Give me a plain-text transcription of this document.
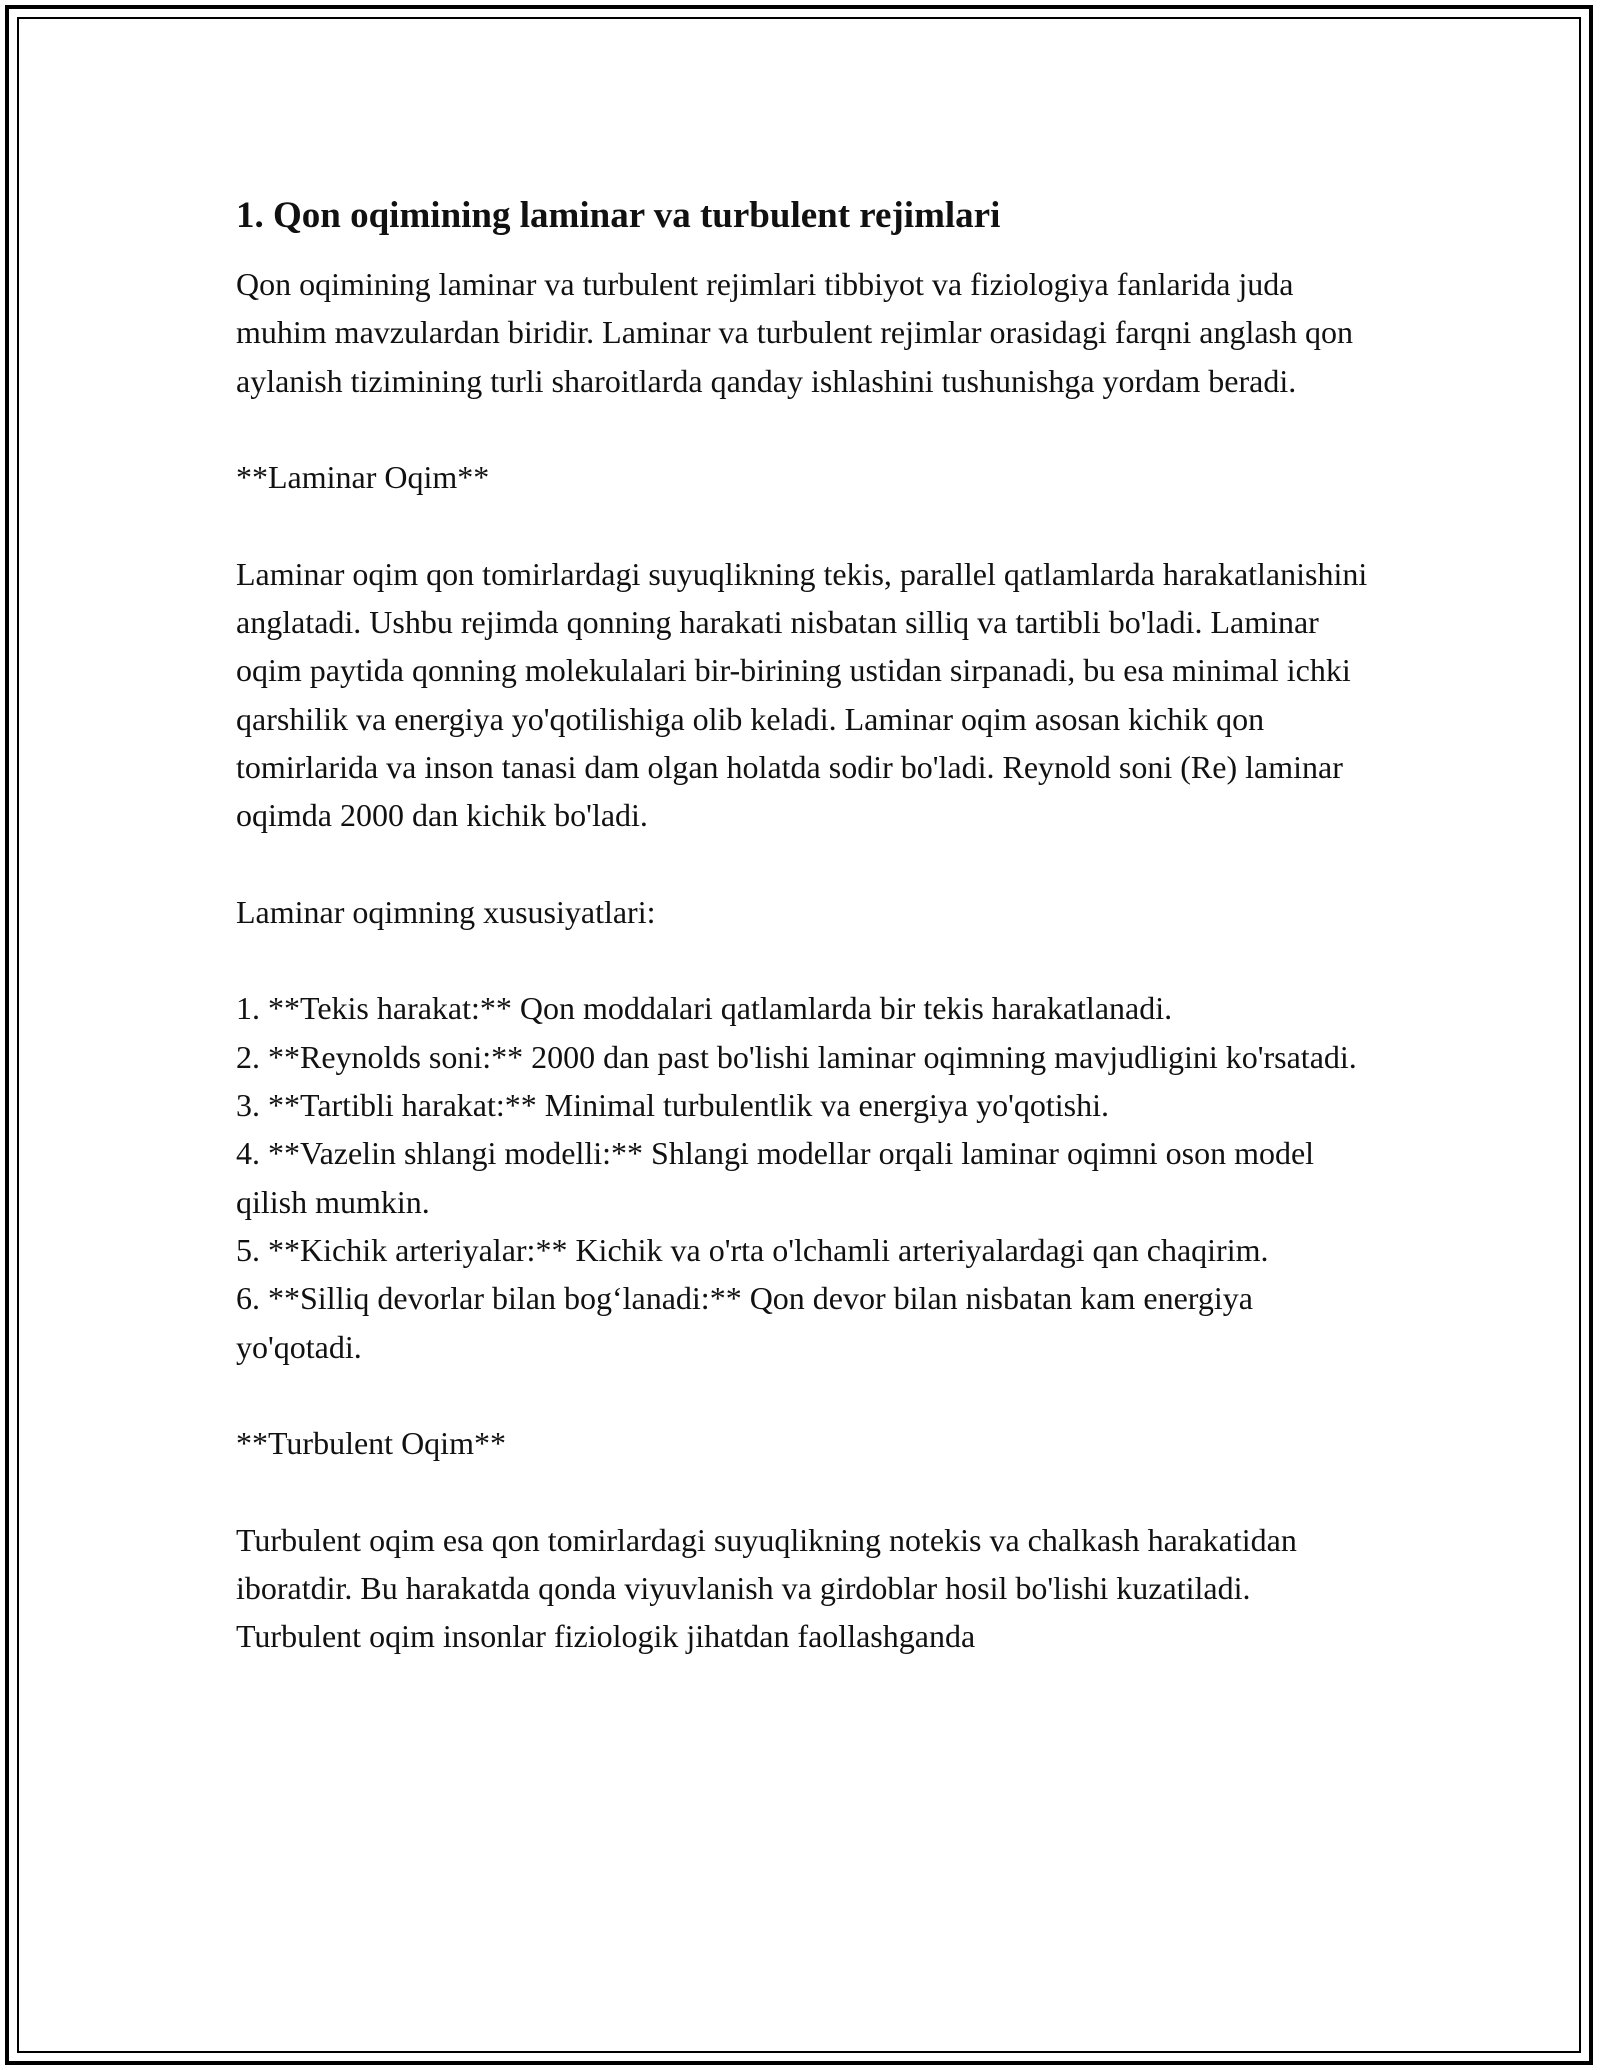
1. Qon oqimining laminar va turbulent rejimlari

Qon oqimining laminar va turbulent rejimlari tibbiyot va fiziologiya fanlarida juda muhim mavzulardan biridir. Laminar va turbulent rejimlar orasidagi farqni anglash qon aylanish tizimining turli sharoitlarda qanday ishlashini tushunishga yordam beradi.

**Laminar Oqim**

Laminar oqim qon tomirlardagi suyuqlikning tekis, parallel qatlamlarda harakatlanishini anglatadi. Ushbu rejimda qonning harakati nisbatan silliq va tartibli bo'ladi. Laminar oqim paytida qonning molekulalari bir-birining ustidan sirpanadi, bu esa minimal ichki qarshilik va energiya yo'qotilishiga olib keladi. Laminar oqim asosan kichik qon tomirlarida va inson tanasi dam olgan holatda sodir bo'ladi. Reynold soni (Re) laminar oqimda 2000 dan kichik bo'ladi.

Laminar oqimning xususiyatlari:

1. **Tekis harakat:** Qon moddalari qatlamlarda bir tekis harakatlanadi.
2. **Reynolds soni:** 2000 dan past bo'lishi laminar oqimning mavjudligini ko'rsatadi.
3. **Tartibli harakat:** Minimal turbulentlik va energiya yo'qotishi.
4. **Vazelin shlangi modelli:** Shlangi modellar orqali laminar oqimni oson model qilish mumkin.
5. **Kichik arteriyalar:** Kichik va o'rta o'lchamli arteriyalardagi qan chaqirim.
6. **Silliq devorlar bilan bog‘lanadi:** Qon devor bilan nisbatan kam energiya yo'qotadi.

**Turbulent Oqim**

Turbulent oqim esa qon tomirlardagi suyuqlikning notekis va chalkash harakatidan iboratdir. Bu harakatda qonda viyuvlanish va girdoblar hosil bo'lishi kuzatiladi. Turbulent oqim insonlar fiziologik jihatdan faollashganda
